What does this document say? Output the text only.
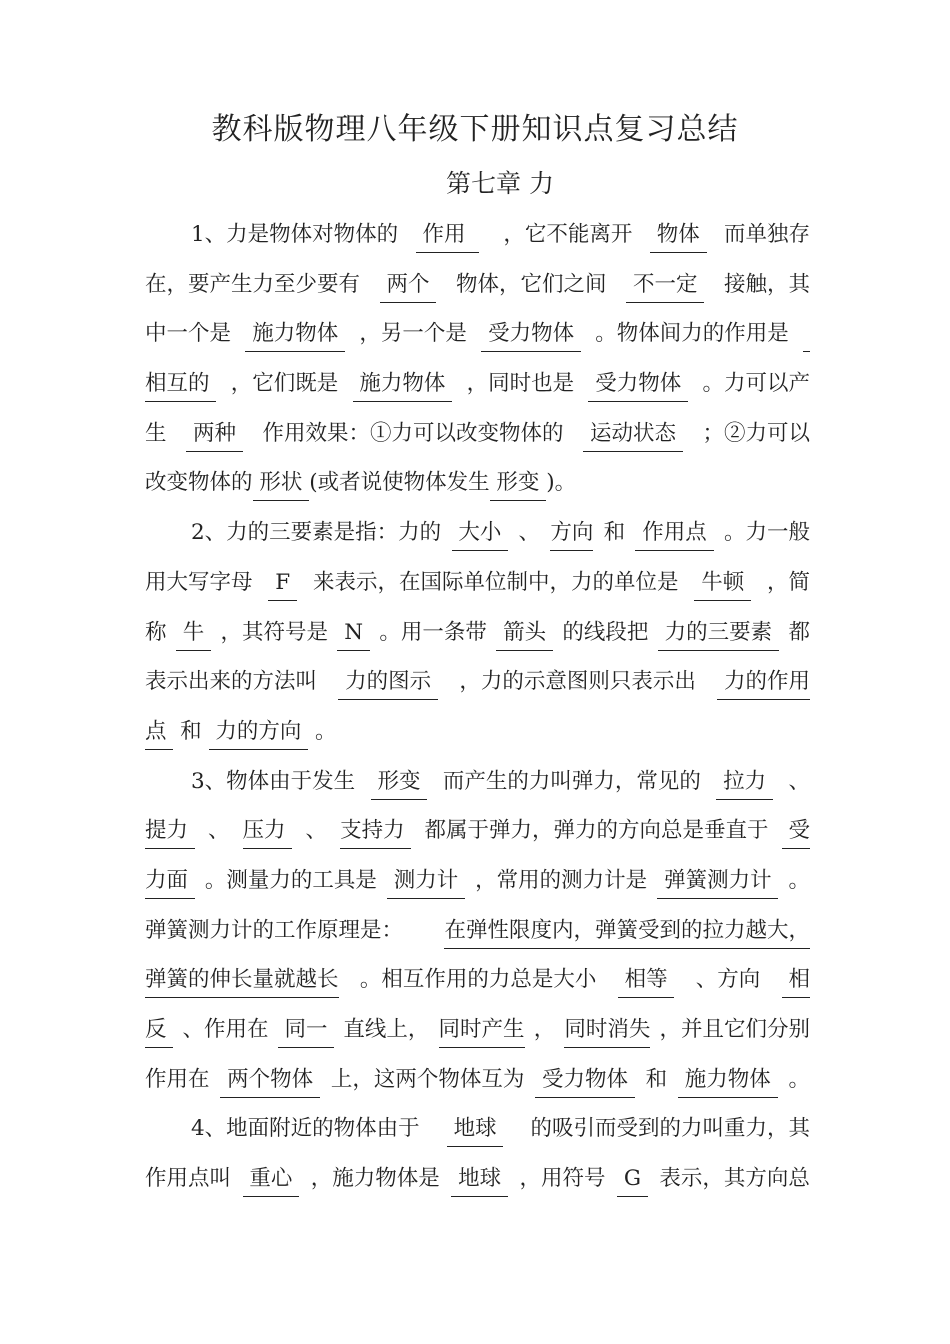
教科版物理八年级下册知识点复习总结
第七章 力
1、力是物体对物体的 作用 ，它不能离开 物体 而单独存
在，要产生力至少要有 两个 物体，它们之间 不一定 接触，其
中一个是 施力物体 ，另一个是 受力物体 。物体间力的作用是

相互的 ，它们既是 施力物体 ，同时也是 受力物体 。力可以产
生 两种 作用效果：①力可以改变物体的 运动状态 ；②力可以
改变物体的 形状 (或者说使物体发生 形变 )。
2、力的三要素是指：力的 大小 、 方向 和 作用点 。力一般
用大写字母 F 来表示，在国际单位制中，力的单位是 牛顿 ，简
称 牛 ，其符号是 N 。用一条带 箭头 的线段把 力的三要素 都
表示出来的方法叫 力的图示 ，力的示意图则只表示出 力的作用
点 和 力的方向 。
3、物体由于发生 形变 而产生的力叫弹力，常见的 拉力 、
提力 、 压力 、 支持力 都属于弹力，弹力的方向总是垂直于 受
力面 。测量力的工具是 测力计 ，常用的测力计是 弹簧测力计 。
弹簧测力计的工作原理是： 在弹性限度内，弹簧受到的拉力越大，
弹簧的伸长量就越长 。相互作用的力总是大小 相等 、方向 相
反 、作用在 同一 直线上， 同时产生 ， 同时消失 ，并且它们分别
作用在 两个物体 上，这两个物体互为 受力物体 和 施力物体 。
4、地面附近的物体由于 地球 的吸引而受到的力叫重力，其
作用点叫 重心 ，施力物体是 地球 ，用符号 G 表示，其方向总
